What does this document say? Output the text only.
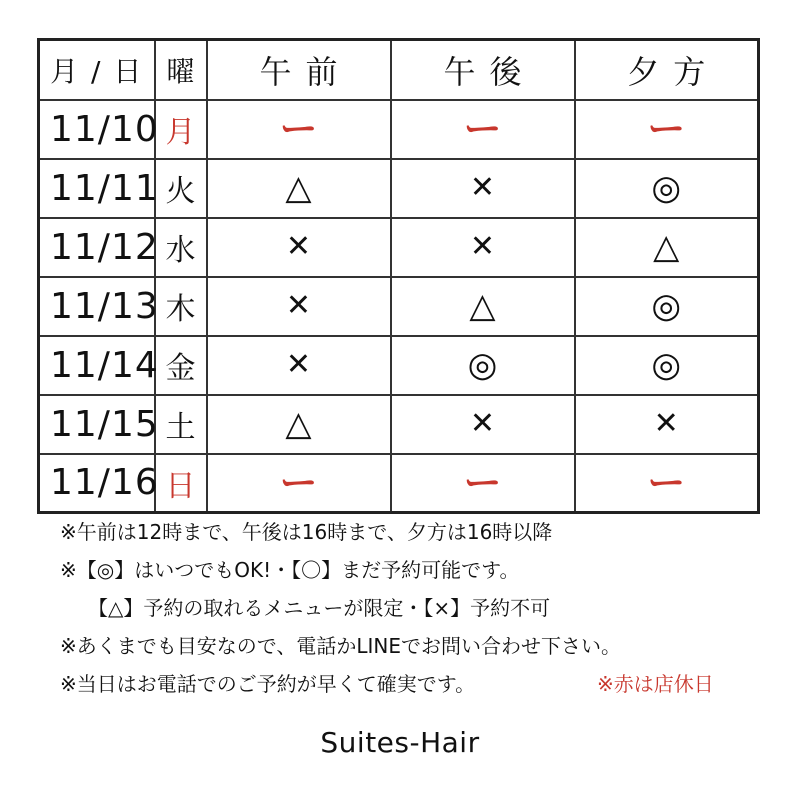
月 / 日	曜	午前	午後	夕方
11/10	月	ー	ー	ー
11/11	火	△	✕	◎
11/12	水	✕	✕	△
11/13	木	✕	△	◎
11/14	金	✕	◎	◎
11/15	土	△	✕	✕
11/16	日	ー	ー	ー
※午前は12時まで、午後は16時まで、夕方は16時以降
※【◎】はいつでもOK!・【〇】まだ予約可能です。
【△】予約の取れるメニューが限定・【×】予約不可
※あくまでも目安なので、電話かLINEでお問い合わせ下さい。
※当日はお電話でのご予約が早くて確実です。	※赤は店休日
Suites-Hair
